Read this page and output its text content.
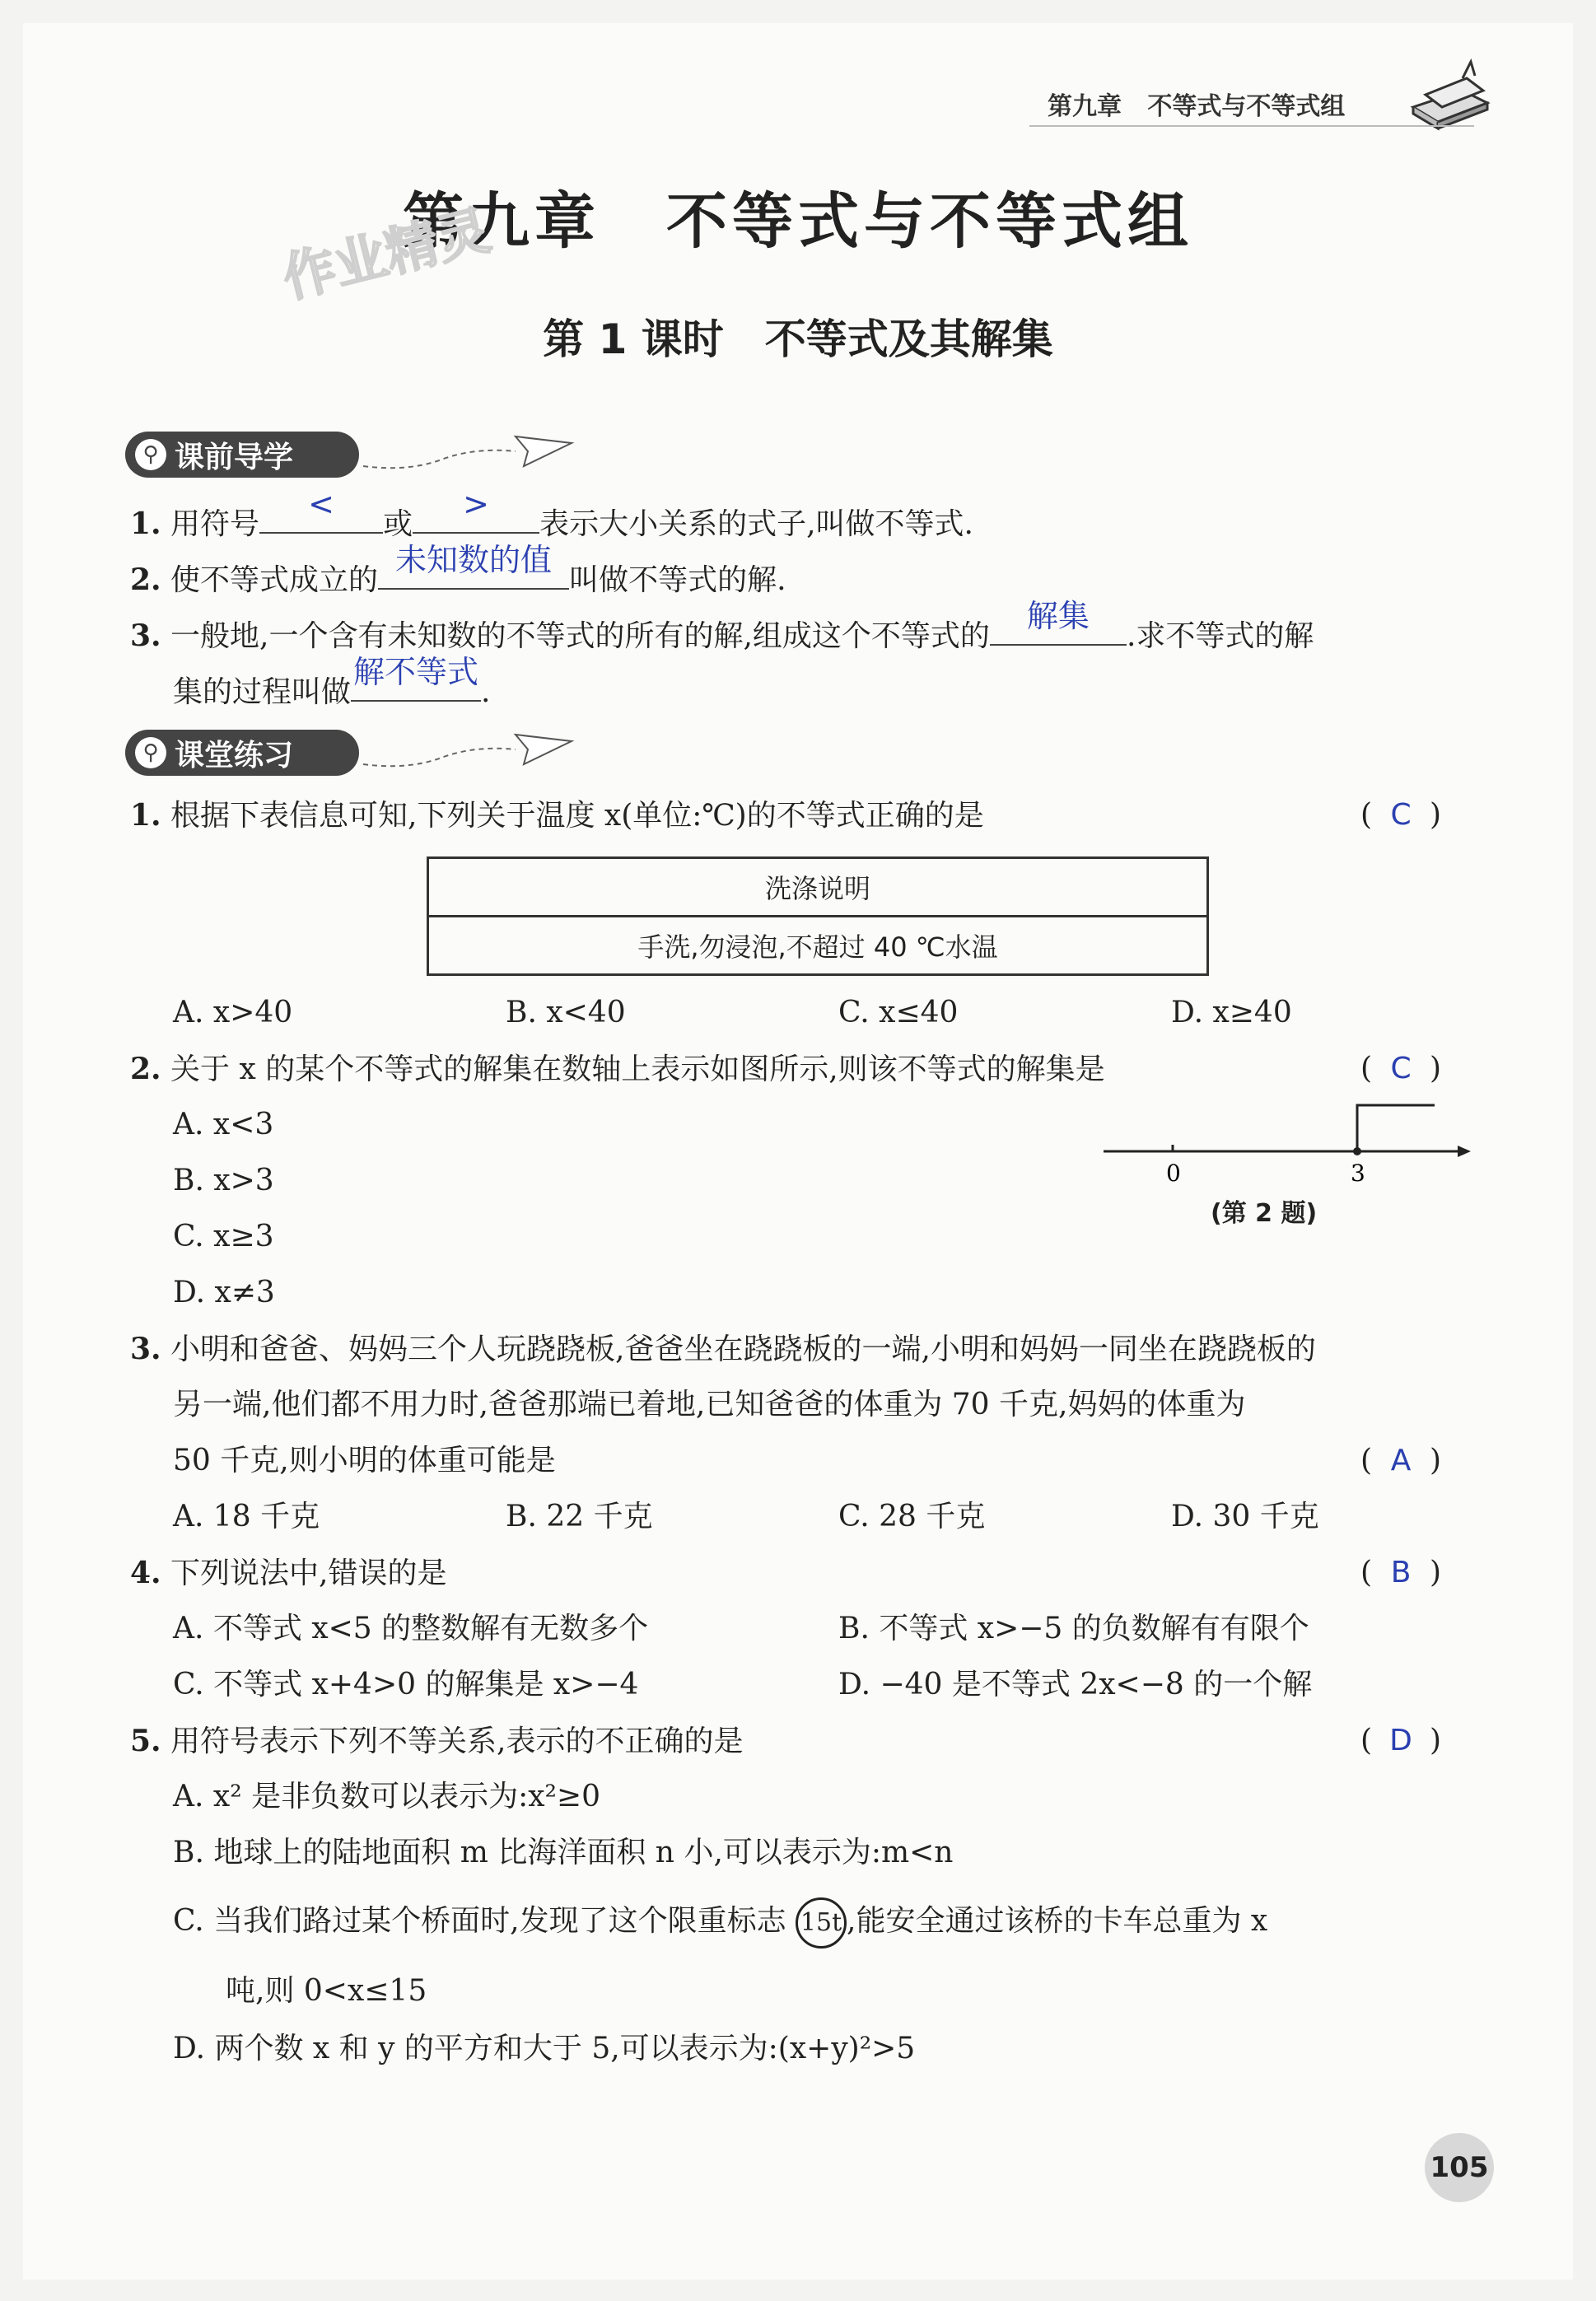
第九章 不等式与不等式组
第九章　不等式与不等式组
作业精灵
第 1 课时　不等式及其解集
⚲ 课前导学
1. 用符号
<
或
>
表示大小关系的式子,叫做不等式.
2. 使不等式成立的
未知数的值
叫做不等式的解.
3. 一般地,一个含有未知数的不等式的所有的解,组成这个不等式的
解集
.求不等式的解
集的过程叫做
解不等式
.
⚲ 课堂练习
1. 根据下表信息可知,下列关于温度 x(单位:℃)的不等式正确的是	( C )
洗涤说明
手洗,勿浸泡,不超过 40 ℃水温
A. x>40	B. x<40	C. x≤40	D. x≥40
2. 关于 x 的某个不等式的解集在数轴上表示如图所示,则该不等式的解集是	( C )
A. x<3
B. x>3
C. x≥3
D. x≠3
0	3
(第 2 题)
3. 小明和爸爸、妈妈三个人玩跷跷板,爸爸坐在跷跷板的一端,小明和妈妈一同坐在跷跷板的
另一端,他们都不用力时,爸爸那端已着地,已知爸爸的体重为 70 千克,妈妈的体重为
50 千克,则小明的体重可能是	( A )
A. 18 千克	B. 22 千克	C. 28 千克	D. 30 千克
4. 下列说法中,错误的是	( B )
A. 不等式 x<5 的整数解有无数多个	B. 不等式 x>−5 的负数解有有限个
C. 不等式 x+4>0 的解集是 x>−4	D. −40 是不等式 2x<−8 的一个解
5. 用符号表示下列不等关系,表示的不正确的是	( D )
A. x² 是非负数可以表示为:x²≥0
B. 地球上的陆地面积 m 比海洋面积 n 小,可以表示为:m<n
C. 当我们路过某个桥面时,发现了这个限重标志 15t ,能安全通过该桥的卡车总重为 x
吨,则 0<x≤15
D. 两个数 x 和 y 的平方和大于 5,可以表示为:(x+y)²>5
105
